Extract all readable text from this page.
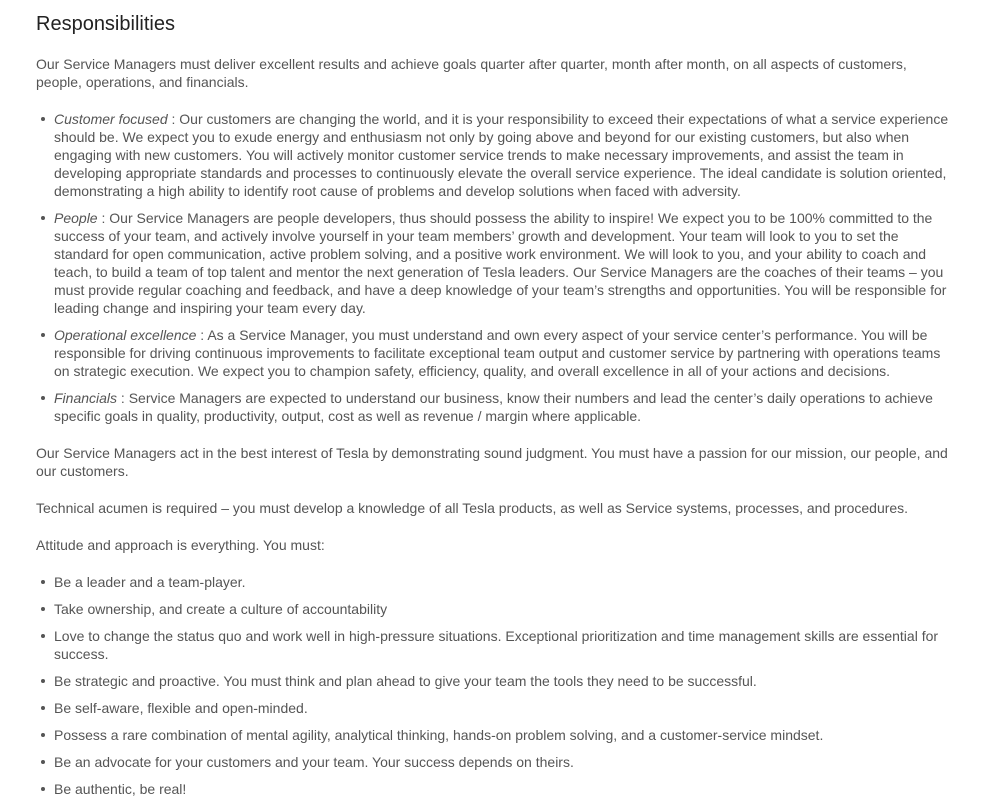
Responsibilities

Our Service Managers must deliver excellent results and achieve goals quarter after quarter, month after month, on all aspects of customers, people, operations, and financials.

Customer focused : Our customers are changing the world, and it is your responsibility to exceed their expectations of what a service experience should be. We expect you to exude energy and enthusiasm not only by going above and beyond for our existing customers, but also when engaging with new customers. You will actively monitor customer service trends to make necessary improvements, and assist the team in developing appropriate standards and processes to continuously elevate the overall service experience. The ideal candidate is solution oriented, demonstrating a high ability to identify root cause of problems and develop solutions when faced with adversity.
People : Our Service Managers are people developers, thus should possess the ability to inspire! We expect you to be 100% committed to the success of your team, and actively involve yourself in your team members’ growth and development. Your team will look to you to set the standard for open communication, active problem solving, and a positive work environment. We will look to you, and your ability to coach and teach, to build a team of top talent and mentor the next generation of Tesla leaders. Our Service Managers are the coaches of their teams – you must provide regular coaching and feedback, and have a deep knowledge of your team’s strengths and opportunities. You will be responsible for leading change and inspiring your team every day.
Operational excellence : As a Service Manager, you must understand and own every aspect of your service center’s performance. You will be responsible for driving continuous improvements to facilitate exceptional team output and customer service by partnering with operations teams on strategic execution. We expect you to champion safety, efficiency, quality, and overall excellence in all of your actions and decisions.
Financials : Service Managers are expected to understand our business, know their numbers and lead the center’s daily operations to achieve specific goals in quality, productivity, output, cost as well as revenue / margin where applicable.

Our Service Managers act in the best interest of Tesla by demonstrating sound judgment. You must have a passion for our mission, our people, and our customers.

Technical acumen is required – you must develop a knowledge of all Tesla products, as well as Service systems, processes, and procedures.

Attitude and approach is everything. You must:

Be a leader and a team-player.
Take ownership, and create a culture of accountability
Love to change the status quo and work well in high-pressure situations. Exceptional prioritization and time management skills are essential for success.
Be strategic and proactive. You must think and plan ahead to give your team the tools they need to be successful.
Be self-aware, flexible and open-minded.
Possess a rare combination of mental agility, analytical thinking, hands-on problem solving, and a customer-service mindset.
Be an advocate for your customers and your team. Your success depends on theirs.
Be authentic, be real!
